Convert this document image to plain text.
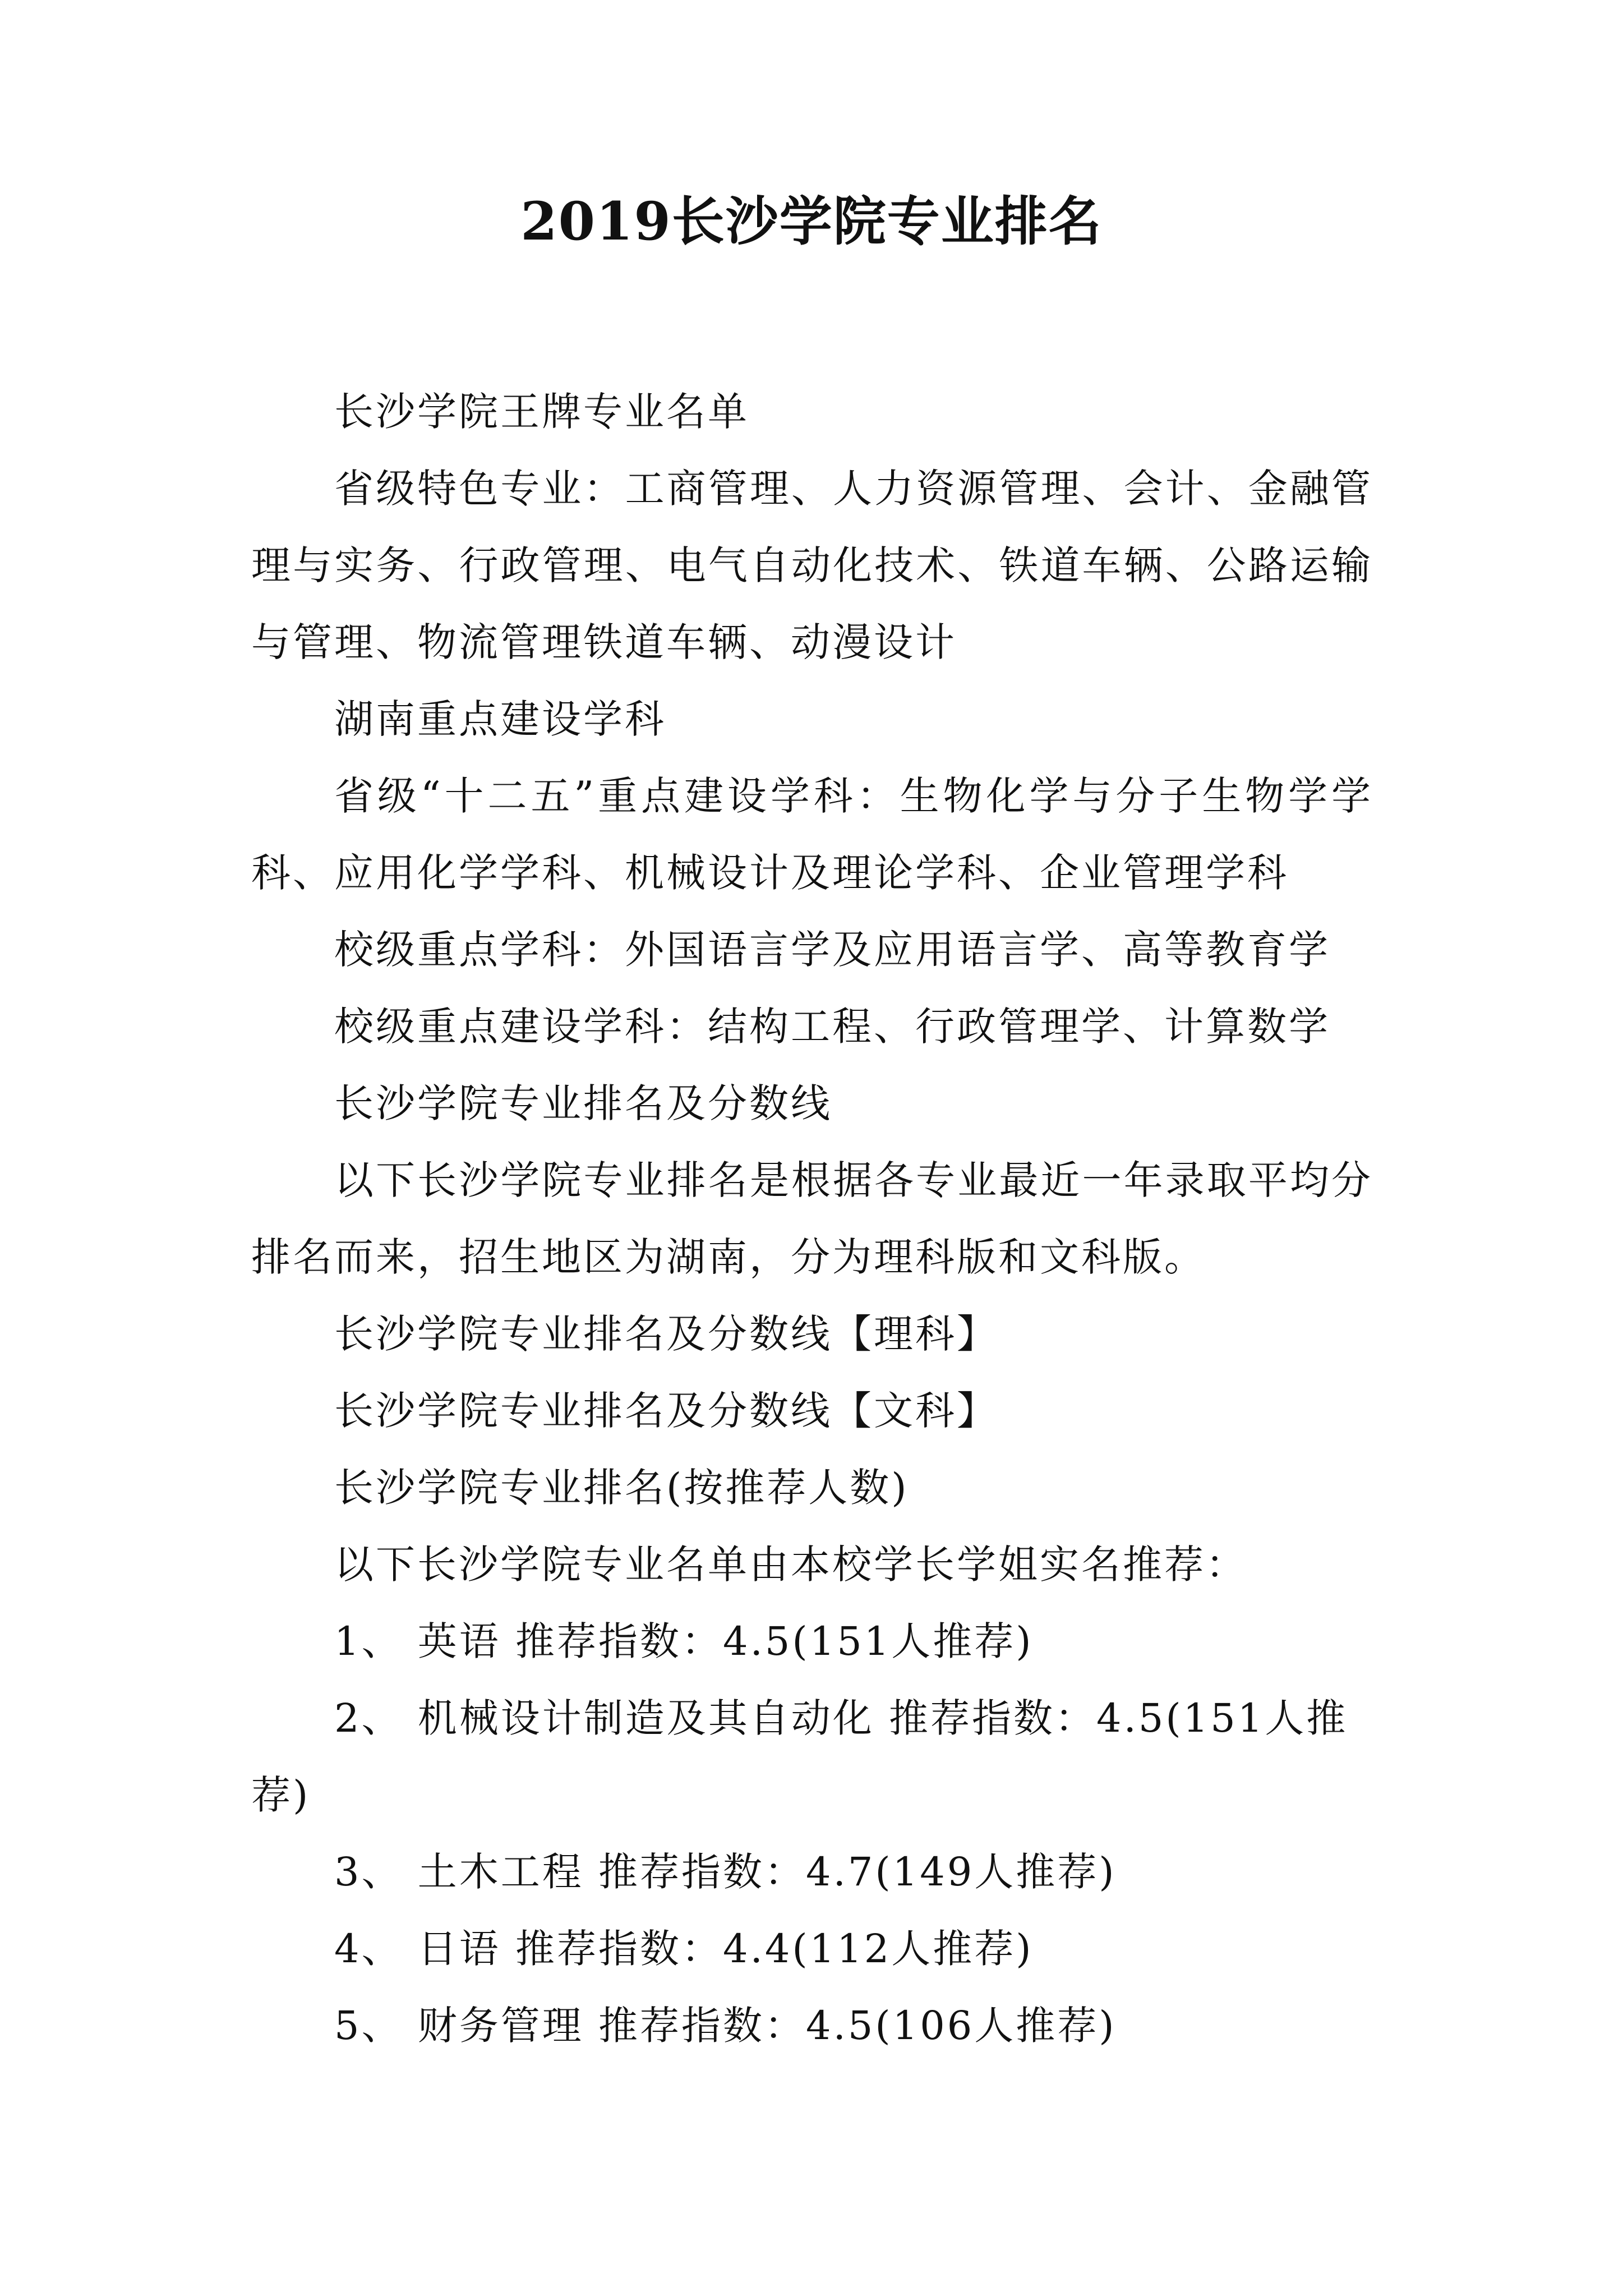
2019长沙学院专业排名

长沙学院王牌专业名单

省级特色专业：工商管理、人力资源管理、会计、金融管理与实务、行政管理、电气自动化技术、铁道车辆、公路运输与管理、物流管理铁道车辆、动漫设计

湖南重点建设学科

省级“十二五”重点建设学科：生物化学与分子生物学学科、应用化学学科、机械设计及理论学科、企业管理学科

校级重点学科：外国语言学及应用语言学、高等教育学

校级重点建设学科：结构工程、行政管理学、计算数学

长沙学院专业排名及分数线

以下长沙学院专业排名是根据各专业最近一年录取平均分排名而来，招生地区为湖南，分为理科版和文科版。

长沙学院专业排名及分数线【理科】

长沙学院专业排名及分数线【文科】

长沙学院专业排名(按推荐人数)

以下长沙学院专业名单由本校学长学姐实名推荐：

1、 英语 推荐指数：4.5(151人推荐)

2、 机械设计制造及其自动化 推荐指数：4.5(151人推荐)

3、 土木工程 推荐指数：4.7(149人推荐)

4、 日语 推荐指数：4.4(112人推荐)

5、 财务管理 推荐指数：4.5(106人推荐)
